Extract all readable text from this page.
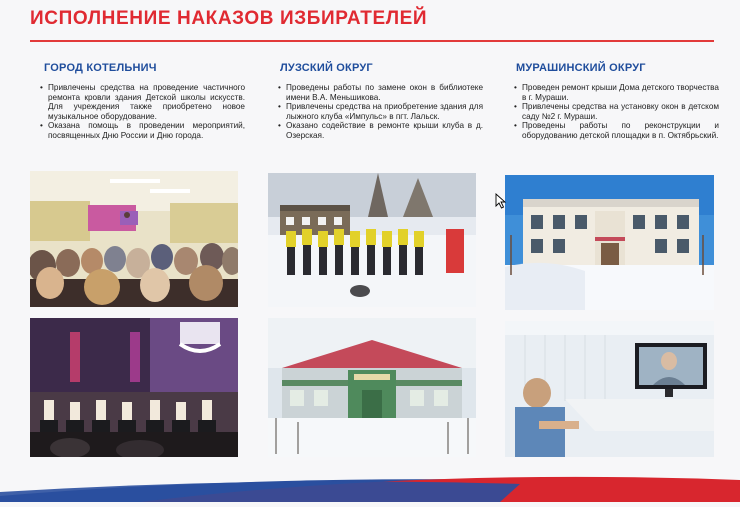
ИСПОЛНЕНИЕ НАКАЗОВ ИЗБИРАТЕЛЕЙ
ГОРОД КОТЕЛЬНИЧ
• Привлечены средства на проведение частичного ремонта кровли здания Детской школы искусств. Для учреждения также приобретено новое музыкальное оборудование.
• Оказана помощь в проведении мероприятий, посвященных Дню России и Дню города.
ЛУЗСКИЙ ОКРУГ
• Проведены работы по замене окон в библиотеке имени В.А. Меньшикова.
• Привлечены средства на приобретение здания для лыжного клуба «Импульс» в пгт. Лальск.
• Оказано содействие в ремонте крыши клуба в д. Озерская.
МУРАШИНСКИЙ ОКРУГ
• Проведен ремонт крыши Дома детского творчества в г. Мураши.
• Привлечены средства на установку окон в детском саду №2 г. Мураши.
• Проведены работы по реконструкции и оборудованию детской площадки в п. Октябрьский.
